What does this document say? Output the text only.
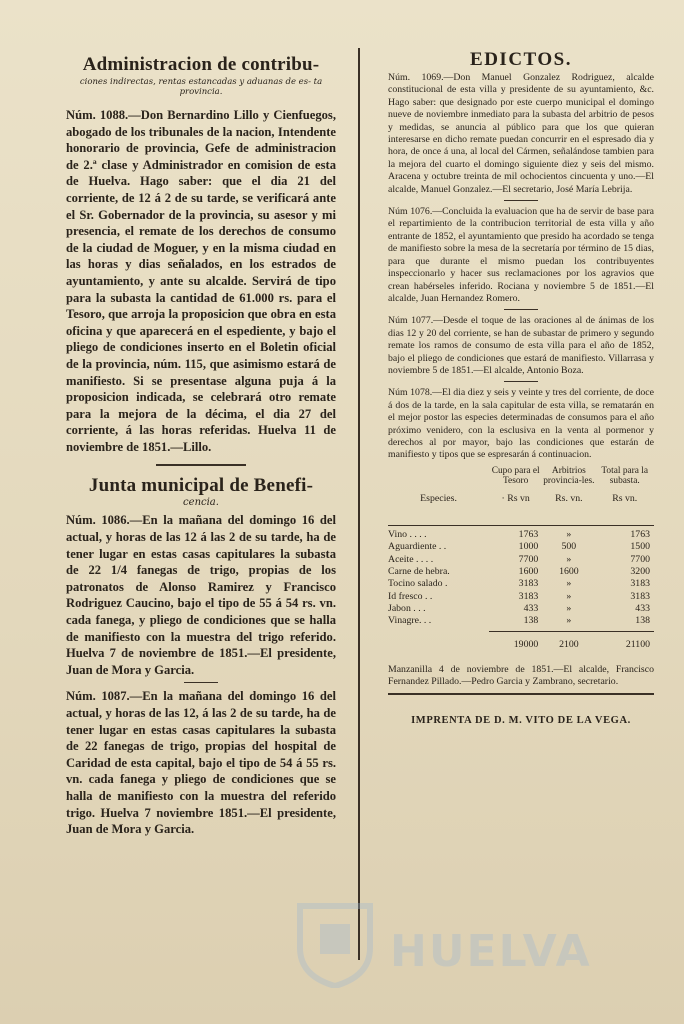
Administracion de contribu-
ciones indirectas, rentas estancadas y aduanas de es- ta provincia.

Núm. 1088.—Don Bernardino Lillo y Cienfuegos, abogado de los tribunales de la nacion, Intendente honorario de provincia, Gefe de administracion de 2.ª clase y Administrador en comision de esta de Huelva. Hago saber: que el dia 21 del corriente, de 12 á 2 de su tarde, se verificará ante el Sr. Gobernador de la provincia, su asesor y mi presencia, el remate de los derechos de consumo de la ciudad de Moguer, y en la misma ciudad en las horas y dias señalados, en los estrados de ayuntamiento, y ante su alcalde. Servirá de tipo para la subasta la cantidad de 61.000 rs. para el Tesoro, que arroja la proposicion que obra en esta oficina y que aparecerá en el espediente, y bajo el pliego de condiciones inserto en el Boletin oficial de la provincia, núm. 115, que asimismo estará de manifiesto. Si se presentase alguna puja á la proposicion indicada, se celebrará otro remate para la mejora de la décima, el dia 27 del corriente, á las horas referidas. Huelva 11 de noviembre de 1851.—Lillo.

Junta municipal de Benefi-
cencia.

Núm. 1086.—En la mañana del domingo 16 del actual, y horas de las 12 á las 2 de su tarde, ha de tener lugar en estas casas capitulares la subasta de 22 1/4 fanegas de trigo, propias de los patronatos de Alonso Ramirez y Francisco Rodriguez Caucino, bajo el tipo de 55 á 54 rs. vn. cada fanega, y pliego de condiciones que se halla de manifiesto con la muestra del trigo referido. Huelva 7 de noviembre de 1851.—El presidente, Juan de Mora y Garcia.

Núm. 1087.—En la mañana del domingo 16 del actual, y horas de las 12, á las 2 de su tarde, ha de tener lugar en estas casas capitulares la subasta de 22 fanegas de trigo, propias del hospital de Caridad de esta capital, bajo el tipo de 54 á 55 rs. vn. cada fanega y pliego de condiciones que se halla de manifiesto con la muestra del referido trigo. Huelva 7 noviembre 1851.—El presidente, Juan de Mora y Garcia.

EDICTOS.

Núm. 1069.—Don Manuel Gonzalez Rodriguez, alcalde constitucional de esta villa y presidente de su ayuntamiento, &c. Hago saber: que designado por este cuerpo municipal el domingo nueve de noviembre inmediato para la subasta del arbitrio de pesos y medidas, se anuncia al público para que los que quieran interesarse en dicho remate puedan concurrir en el espresado dia y hora, de once á una, al local del Cármen, señalándose tambien para la mejora del cuarto el domingo siguiente diez y seis del mismo. Aracena y octubre treinta de mil ochocientos cincuenta y uno.—El alcalde, Manuel Gonzalez.—El secretario, José María Lebrija.

Núm 1076.—Concluida la evaluacion que ha de servir de base para el repartimiento de la contribucion territorial de esta villa y año entrante de 1852, el ayuntamiento que presido ha acordado se tenga de manifiesto sobre la mesa de la secretaría por término de 15 dias, para que durante el mismo puedan los contribuyentes inspeccionarlo y hacer sus reclamaciones por los agravios que crean habérseles inferido. Rociana y noviembre 5 de 1851.—El alcalde, Juan Hernandez Romero.

Núm 1077.—Desde el toque de las oraciones al de ánimas de los dias 12 y 20 del corriente, se han de subastar de primero y segundo remate los ramos de consumo de esta villa para el año de 1852, bajo el pliego de condiciones que estará de manifiesto. Villarrasa y noviembre 5 de 1851.—El alcalde, Antonio Boza.

Núm 1078.—El dia diez y seis y veinte y tres del corriente, de doce á dos de la tarde, en la sala capitular de esta villa, se rematarán en el mejor postor las especies determinadas de consumos para el año próximo venidero, con la esclusiva en la venta al pormenor y derechos al por mayor, bajo las condiciones que estarán de manifiesto y tipos que se espresarán á continuacion.

	Cupo para el Tesoro	Arbitrios provincia-les.	Total para la subasta.
Especies.	· Rs vn	Rs. vn.	Rs vn.

Vino . . . .	1763	»	1763
Aguardiente . .	1000	500	1500
Aceite . . . .	7700	»	7700
Carne de hebra.	1600	1600	3200
Tocino salado .	3183	»	3183
Id fresco . .	3183	»	3183
Jabon . . .	433	»	433
Vinagre. . .	138	»	138

	19000	2100	21100

Manzanilla 4 de noviembre de 1851.—El alcalde, Francisco Fernandez Pillado.—Pedro Garcia y Zambrano, secretario.

IMPRENTA DE D. M. VITO DE LA VEGA.
HUELVA
